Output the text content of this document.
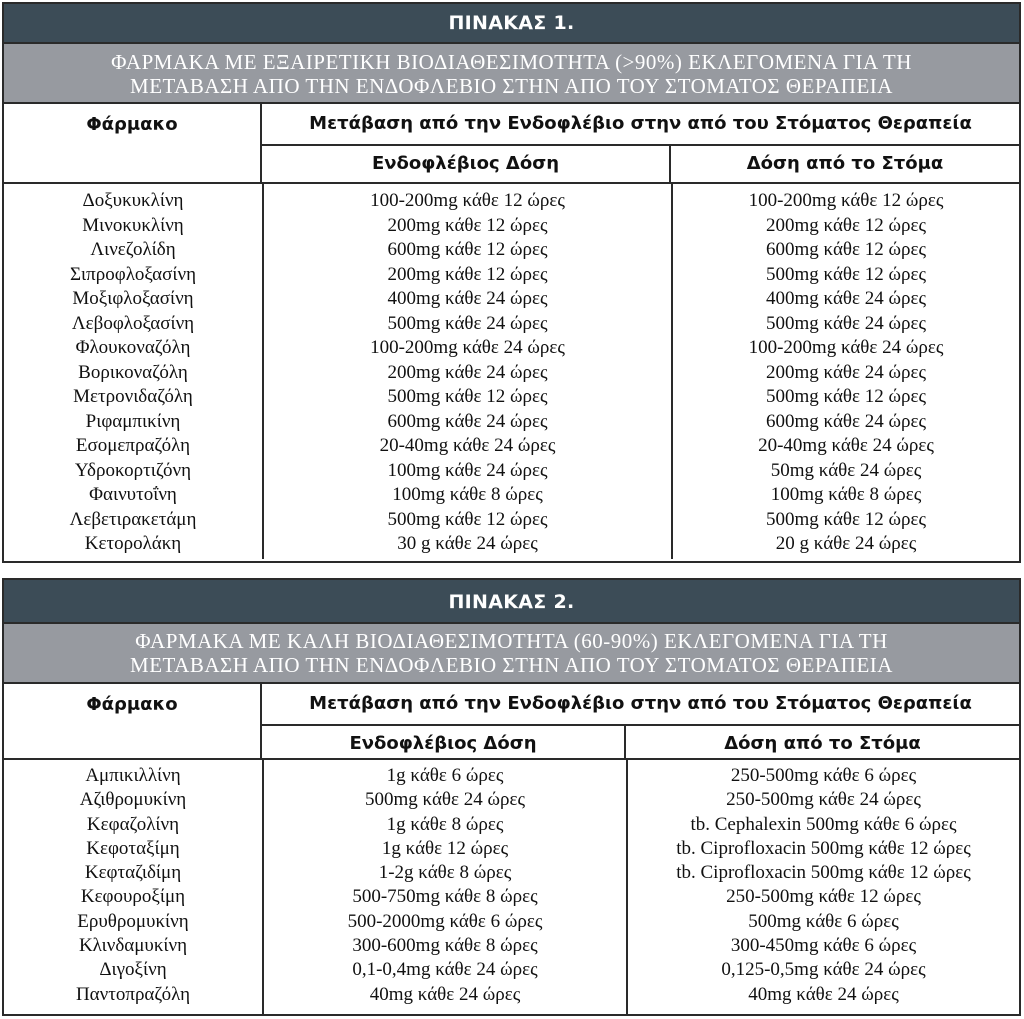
ΠΙΝΑΚΑΣ 1.
ΦΑΡΜΑΚΑ ΜΕ ΕΞΑΙΡΕΤΙΚΗ ΒΙΟΔΙΑΘΕΣΙΜΟΤΗΤΑ (>90%) ΕΚΛΕΓΟΜΕΝΑ ΓΙΑ ΤΗ
ΜΕΤΑΒΑΣΗ ΑΠΟ ΤΗΝ ΕΝΔΟΦΛΕΒΙΟ ΣΤΗΝ ΑΠΟ ΤΟΥ ΣΤΟΜΑΤΟΣ ΘΕΡΑΠΕΙΑ
Φάρμακο	Μετάβαση από την Ενδοφλέβιο στην από του Στόματος Θεραπεία
Ενδοφλέβιος Δόση	Δόση από το Στόμα
Δοξυκυκλίνη	100-200mg κάθε 12 ώρες	100-200mg κάθε 12 ώρες
Μινοκυκλίνη	200mg κάθε 12 ώρες	200mg κάθε 12 ώρες
Λινεζολίδη	600mg κάθε 12 ώρες	600mg κάθε 12 ώρες
Σιπροφλοξασίνη	200mg κάθε 12 ώρες	500mg κάθε 12 ώρες
Μοξιφλοξασίνη	400mg κάθε 24 ώρες	400mg κάθε 24 ώρες
Λεβοφλοξασίνη	500mg κάθε 24 ώρες	500mg κάθε 24 ώρες
Φλουκοναζόλη	100-200mg κάθε 24 ώρες	100-200mg κάθε 24 ώρες
Βορικοναζόλη	200mg κάθε 24 ώρες	200mg κάθε 24 ώρες
Μετρονιδαζόλη	500mg κάθε 12 ώρες	500mg κάθε 12 ώρες
Ριφαμπικίνη	600mg κάθε 24 ώρες	600mg κάθε 24 ώρες
Εσομεπραζόλη	20-40mg κάθε 24 ώρες	20-40mg κάθε 24 ώρες
Υδροκορτιζόνη	100mg κάθε 24 ώρες	50mg κάθε 24 ώρες
Φαινυτοΐνη	100mg κάθε 8 ώρες	100mg κάθε 8 ώρες
Λεβετιρακετάμη	500mg κάθε 12 ώρες	500mg κάθε 12 ώρες
Κετορολάκη	30 g κάθε 24 ώρες	20 g κάθε 24 ώρες
ΠΙΝΑΚΑΣ 2.
ΦΑΡΜΑΚΑ ΜΕ ΚΑΛΗ ΒΙΟΔΙΑΘΕΣΙΜΟΤΗΤΑ (60-90%) ΕΚΛΕΓΟΜΕΝΑ ΓΙΑ ΤΗ
ΜΕΤΑΒΑΣΗ ΑΠΟ ΤΗΝ ΕΝΔΟΦΛΕΒΙΟ ΣΤΗΝ ΑΠΟ ΤΟΥ ΣΤΟΜΑΤΟΣ ΘΕΡΑΠΕΙΑ
Φάρμακο	Μετάβαση από την Ενδοφλέβιο στην από του Στόματος Θεραπεία
Ενδοφλέβιος Δόση	Δόση από το Στόμα
Αμπικιλλίνη	1g κάθε 6 ώρες	250-500mg κάθε 6 ώρες
Αζιθρομυκίνη	500mg κάθε 24 ώρες	250-500mg κάθε 24 ώρες
Κεφαζολίνη	1g κάθε 8 ώρες	tb. Cephalexin 500mg κάθε 6 ώρες
Κεφοταξίμη	1g κάθε 12 ώρες	tb. Ciprofloxacin 500mg κάθε 12 ώρες
Κεφταζιδίμη	1-2g κάθε 8 ώρες	tb. Ciprofloxacin 500mg κάθε 12 ώρες
Κεφουροξίμη	500-750mg κάθε 8 ώρες	250-500mg κάθε 12 ώρες
Ερυθρομυκίνη	500-2000mg κάθε 6 ώρες	500mg κάθε 6 ώρες
Κλινδαμυκίνη	300-600mg κάθε 8 ώρες	300-450mg κάθε 6 ώρες
Διγοξίνη	0,1-0,4mg κάθε 24 ώρες	0,125-0,5mg κάθε 24 ώρες
Παντοπραζόλη	40mg κάθε 24 ώρες	40mg κάθε 24 ώρες
